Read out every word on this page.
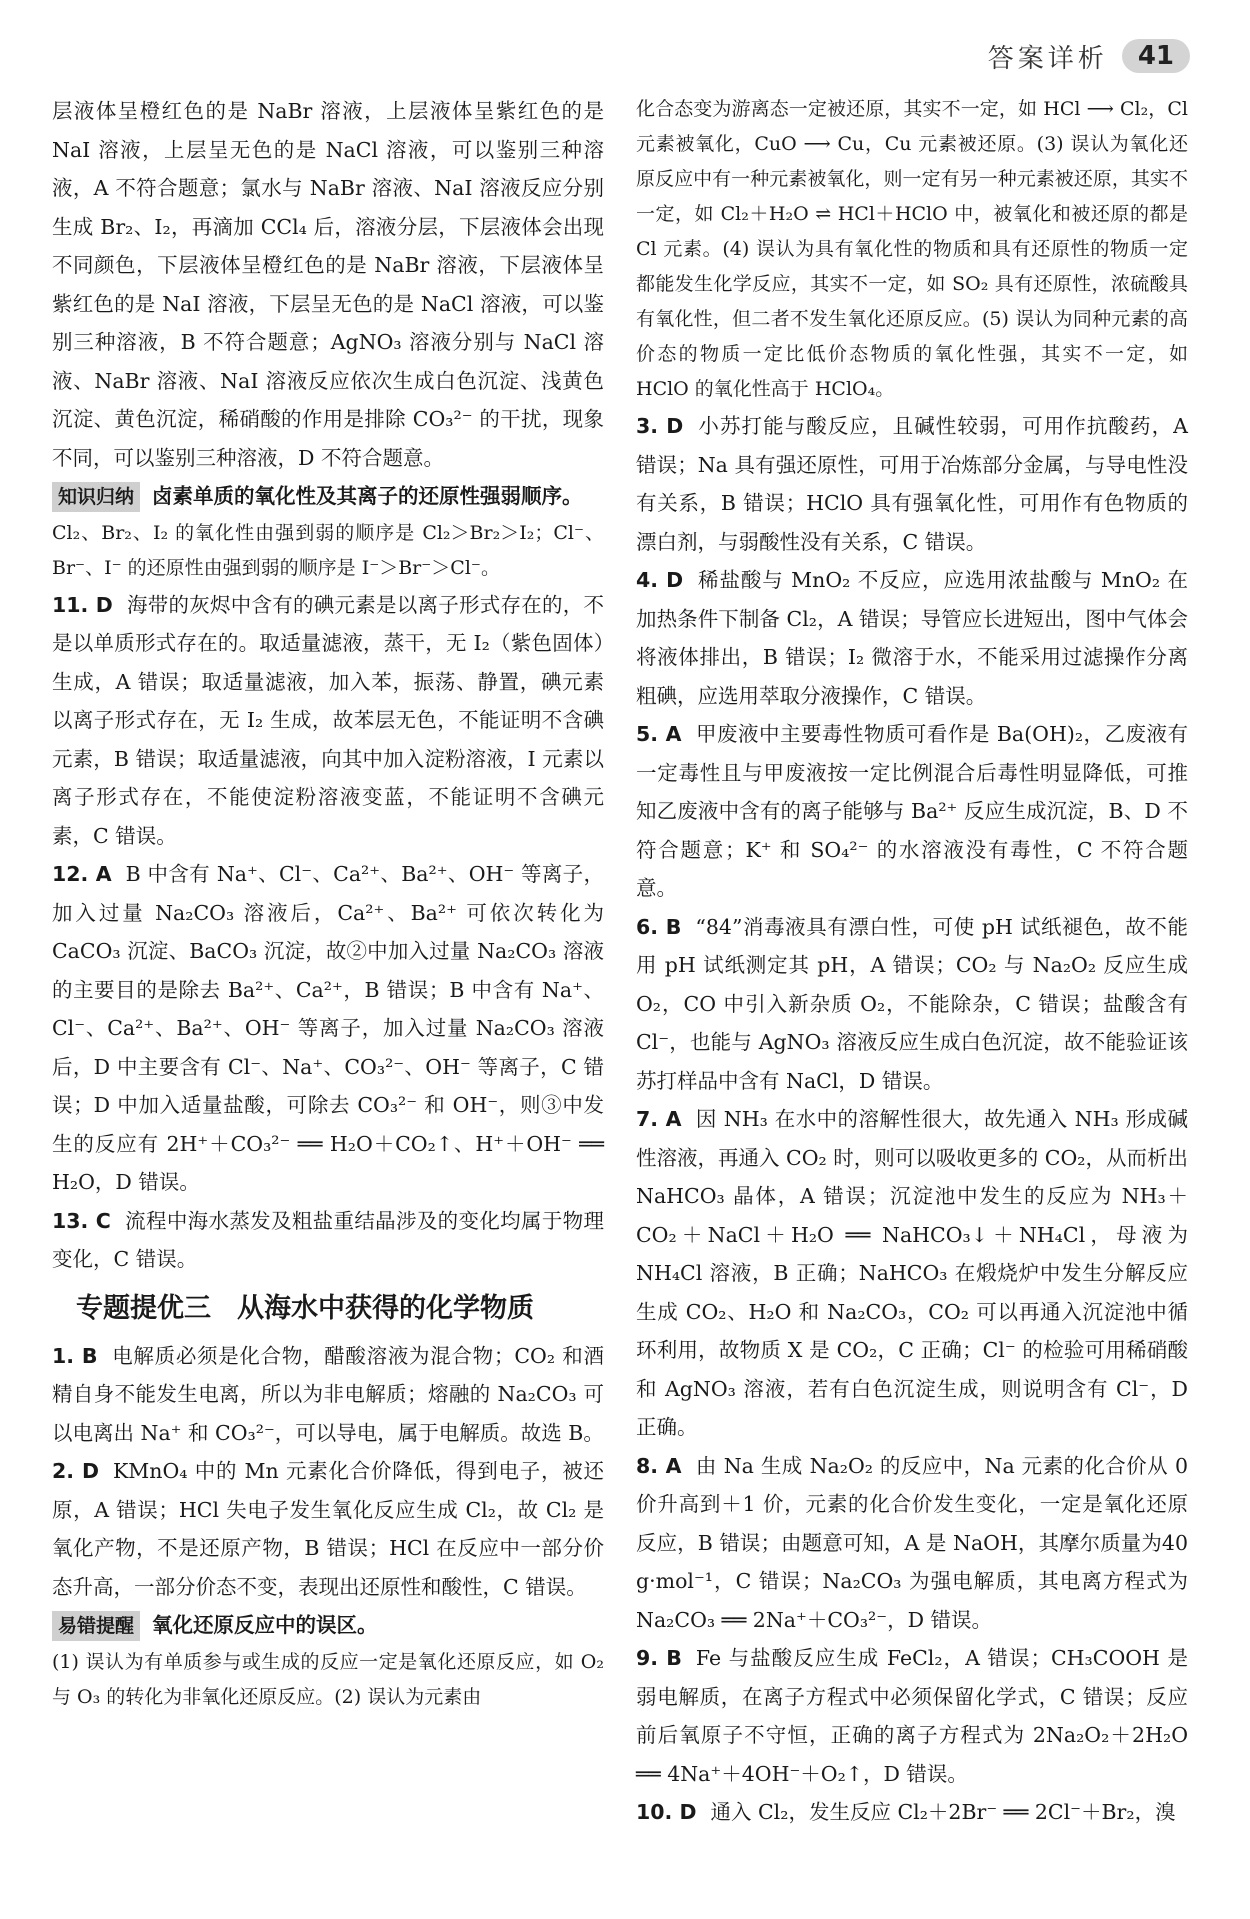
答案详析	41

层液体呈橙红色的是 NaBr 溶液，上层液体呈紫红色的是 NaI 溶液，上层呈无色的是 NaCl 溶液，可以鉴别三种溶液，A 不符合题意；氯水与 NaBr 溶液、NaI 溶液反应分别生成 Br₂、I₂，再滴加 CCl₄ 后，溶液分层，下层液体会出现不同颜色，下层液体呈橙红色的是 NaBr 溶液，下层液体呈紫红色的是 NaI 溶液，下层呈无色的是 NaCl 溶液，可以鉴别三种溶液，B 不符合题意；AgNO₃ 溶液分别与 NaCl 溶液、NaBr 溶液、NaI 溶液反应依次生成白色沉淀、浅黄色沉淀、黄色沉淀，稀硝酸的作用是排除 CO₃²⁻ 的干扰，现象不同，可以鉴别三种溶液，D 不符合题意。

知识归纳 卤素单质的氧化性及其离子的还原性强弱顺序。

Cl₂、Br₂、I₂ 的氧化性由强到弱的顺序是 Cl₂＞Br₂＞I₂；Cl⁻、Br⁻、I⁻ 的还原性由强到弱的顺序是 I⁻＞Br⁻＞Cl⁻。

11. D 海带的灰烬中含有的碘元素是以离子形式存在的，不是以单质形式存在的。取适量滤液，蒸干，无 I₂（紫色固体）生成，A 错误；取适量滤液，加入苯，振荡、静置，碘元素以离子形式存在，无 I₂ 生成，故苯层无色，不能证明不含碘元素，B 错误；取适量滤液，向其中加入淀粉溶液，I 元素以离子形式存在，不能使淀粉溶液变蓝，不能证明不含碘元素，C 错误。

12. A B 中含有 Na⁺、Cl⁻、Ca²⁺、Ba²⁺、OH⁻ 等离子，加入过量 Na₂CO₃ 溶液后，Ca²⁺、Ba²⁺ 可依次转化为 CaCO₃ 沉淀、BaCO₃ 沉淀，故②中加入过量 Na₂CO₃ 溶液的主要目的是除去 Ba²⁺、Ca²⁺，B 错误；B 中含有 Na⁺、Cl⁻、Ca²⁺、Ba²⁺、OH⁻ 等离子，加入过量 Na₂CO₃ 溶液后，D 中主要含有 Cl⁻、Na⁺、CO₃²⁻、OH⁻ 等离子，C 错误；D 中加入适量盐酸，可除去 CO₃²⁻ 和 OH⁻，则③中发生的反应有 2H⁺＋CO₃²⁻ ══ H₂O＋CO₂↑、H⁺＋OH⁻ ══ H₂O，D 错误。

13. C 流程中海水蒸发及粗盐重结晶涉及的变化均属于物理变化，C 错误。

专题提优三 从海水中获得的化学物质

1. B 电解质必须是化合物，醋酸溶液为混合物；CO₂ 和酒精自身不能发生电离，所以为非电解质；熔融的 Na₂CO₃ 可以电离出 Na⁺ 和 CO₃²⁻，可以导电，属于电解质。故选 B。

2. D KMnO₄ 中的 Mn 元素化合价降低，得到电子，被还原，A 错误；HCl 失电子发生氧化反应生成 Cl₂，故 Cl₂ 是氧化产物，不是还原产物，B 错误；HCl 在反应中一部分价态升高，一部分价态不变，表现出还原性和酸性，C 错误。

易错提醒 氧化还原反应中的误区。

(1) 误认为有单质参与或生成的反应一定是氧化还原反应，如 O₂ 与 O₃ 的转化为非氧化还原反应。(2) 误认为元素由

化合态变为游离态一定被还原，其实不一定，如 HCl ⟶ Cl₂，Cl 元素被氧化，CuO ⟶ Cu，Cu 元素被还原。(3) 误认为氧化还原反应中有一种元素被氧化，则一定有另一种元素被还原，其实不一定，如 Cl₂＋H₂O ⇌ HCl＋HClO 中，被氧化和被还原的都是 Cl 元素。(4) 误认为具有氧化性的物质和具有还原性的物质一定都能发生化学反应，其实不一定，如 SO₂ 具有还原性，浓硫酸具有氧化性，但二者不发生氧化还原反应。(5) 误认为同种元素的高价态的物质一定比低价态物质的氧化性强，其实不一定，如 HClO 的氧化性高于 HClO₄。

3. D 小苏打能与酸反应，且碱性较弱，可用作抗酸药，A 错误；Na 具有强还原性，可用于冶炼部分金属，与导电性没有关系，B 错误；HClO 具有强氧化性，可用作有色物质的漂白剂，与弱酸性没有关系，C 错误。

4. D 稀盐酸与 MnO₂ 不反应，应选用浓盐酸与 MnO₂ 在加热条件下制备 Cl₂，A 错误；导管应长进短出，图中气体会将液体排出，B 错误；I₂ 微溶于水，不能采用过滤操作分离粗碘，应选用萃取分液操作，C 错误。

5. A 甲废液中主要毒性物质可看作是 Ba(OH)₂，乙废液有一定毒性且与甲废液按一定比例混合后毒性明显降低，可推知乙废液中含有的离子能够与 Ba²⁺ 反应生成沉淀，B、D 不符合题意；K⁺ 和 SO₄²⁻ 的水溶液没有毒性，C 不符合题意。

6. B “84”消毒液具有漂白性，可使 pH 试纸褪色，故不能用 pH 试纸测定其 pH，A 错误；CO₂ 与 Na₂O₂ 反应生成 O₂，CO 中引入新杂质 O₂，不能除杂，C 错误；盐酸含有 Cl⁻，也能与 AgNO₃ 溶液反应生成白色沉淀，故不能验证该苏打样品中含有 NaCl，D 错误。

7. A 因 NH₃ 在水中的溶解性很大，故先通入 NH₃ 形成碱性溶液，再通入 CO₂ 时，则可以吸收更多的 CO₂，从而析出 NaHCO₃ 晶体，A 错误；沉淀池中发生的反应为 NH₃＋CO₂＋NaCl＋H₂O ══ NaHCO₃↓＋NH₄Cl，母液为 NH₄Cl 溶液，B 正确；NaHCO₃ 在煅烧炉中发生分解反应生成 CO₂、H₂O 和 Na₂CO₃，CO₂ 可以再通入沉淀池中循环利用，故物质 X 是 CO₂，C 正确；Cl⁻ 的检验可用稀硝酸和 AgNO₃ 溶液，若有白色沉淀生成，则说明含有 Cl⁻，D 正确。

8. A 由 Na 生成 Na₂O₂ 的反应中，Na 元素的化合价从 0 价升高到＋1 价，元素的化合价发生变化，一定是氧化还原反应，B 错误；由题意可知，A 是 NaOH，其摩尔质量为40 g·mol⁻¹，C 错误；Na₂CO₃ 为强电解质，其电离方程式为 Na₂CO₃ ══ 2Na⁺＋CO₃²⁻，D 错误。

9. B Fe 与盐酸反应生成 FeCl₂，A 错误；CH₃COOH 是弱电解质，在离子方程式中必须保留化学式，C 错误；反应前后氧原子不守恒，正确的离子方程式为 2Na₂O₂＋2H₂O ══ 4Na⁺＋4OH⁻＋O₂↑，D 错误。

10. D 通入 Cl₂，发生反应 Cl₂＋2Br⁻ ══ 2Cl⁻＋Br₂，溴
